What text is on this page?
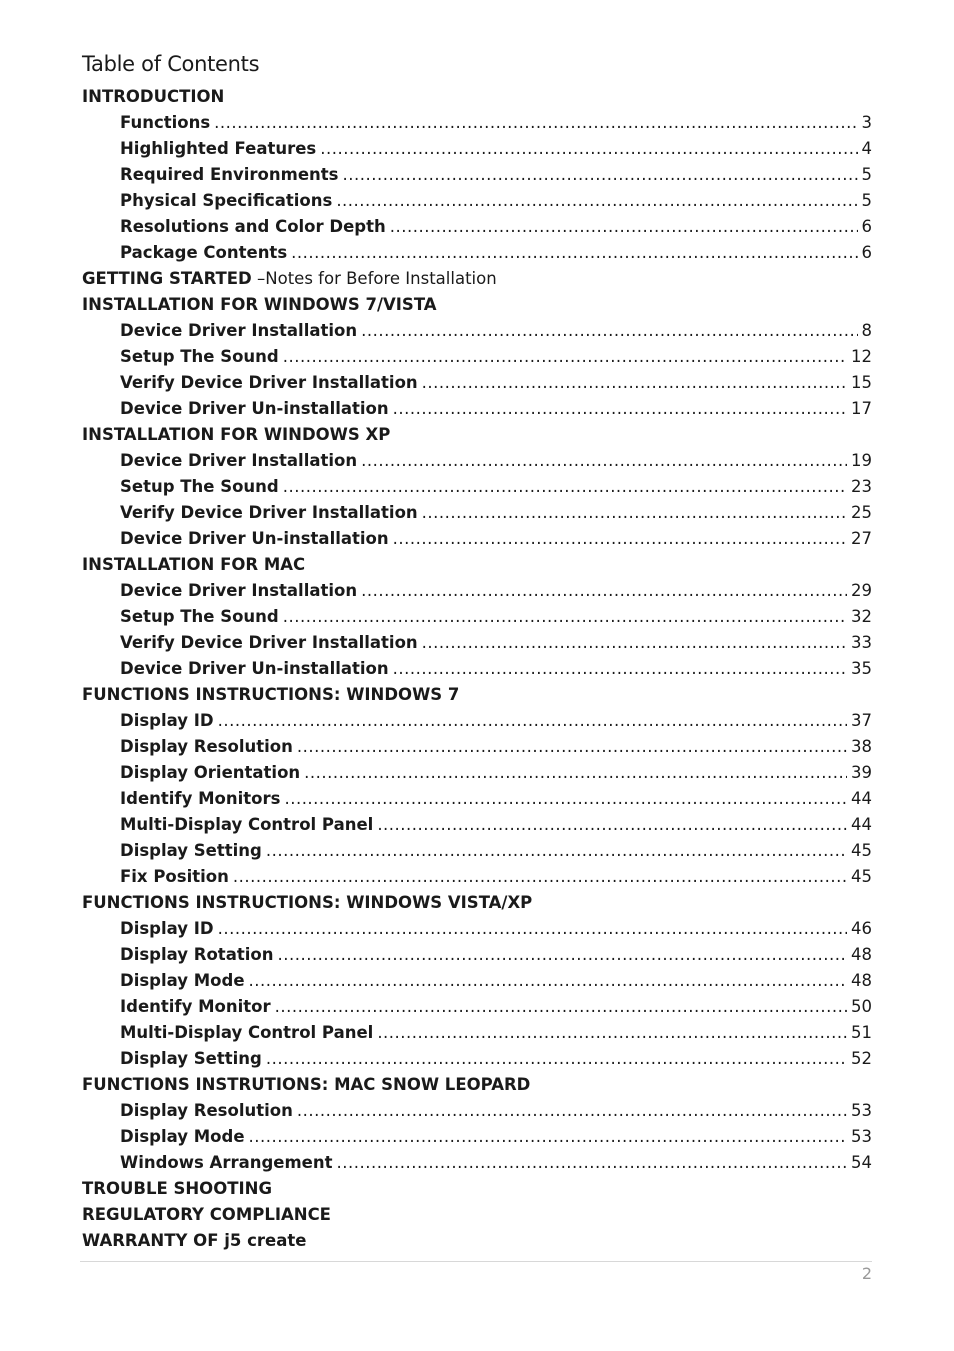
Table of Contents
INTRODUCTION
Functions .....	3
Highlighted Features .....	4
Required Environments .....	5
Physical Specifications .....	5
Resolutions and Color Depth .....	6
Package Contents .....	6
GETTING STARTED –Notes for Before Installation
INSTALLATION FOR WINDOWS 7/VISTA
Device Driver Installation .....	8
Setup The Sound .....	12
Verify Device Driver Installation .....	15
Device Driver Un-installation .....	17
INSTALLATION FOR WINDOWS XP
Device Driver Installation .....	19
Setup The Sound .....	23
Verify Device Driver Installation .....	25
Device Driver Un-installation .....	27
INSTALLATION FOR MAC
Device Driver Installation .....	29
Setup The Sound .....	32
Verify Device Driver Installation .....	33
Device Driver Un-installation .....	35
FUNCTIONS INSTRUCTIONS: WINDOWS 7
Display ID .....	37
Display Resolution .....	38
Display Orientation .....	39
Identify Monitors .....	44
Multi-Display Control Panel .....	44
Display Setting .....	45
Fix Position .....	45
FUNCTIONS INSTRUCTIONS: WINDOWS VISTA/XP
Display ID .....	46
Display Rotation .....	48
Display Mode .....	48
Identify Monitor .....	50
Multi-Display Control Panel .....	51
Display Setting .....	52
FUNCTIONS INSTRUTIONS: MAC SNOW LEOPARD
Display Resolution .....	53
Display Mode .....	53
Windows Arrangement .....	54
TROUBLE SHOOTING
REGULATORY COMPLIANCE
WARRANTY OF j5 create
2
